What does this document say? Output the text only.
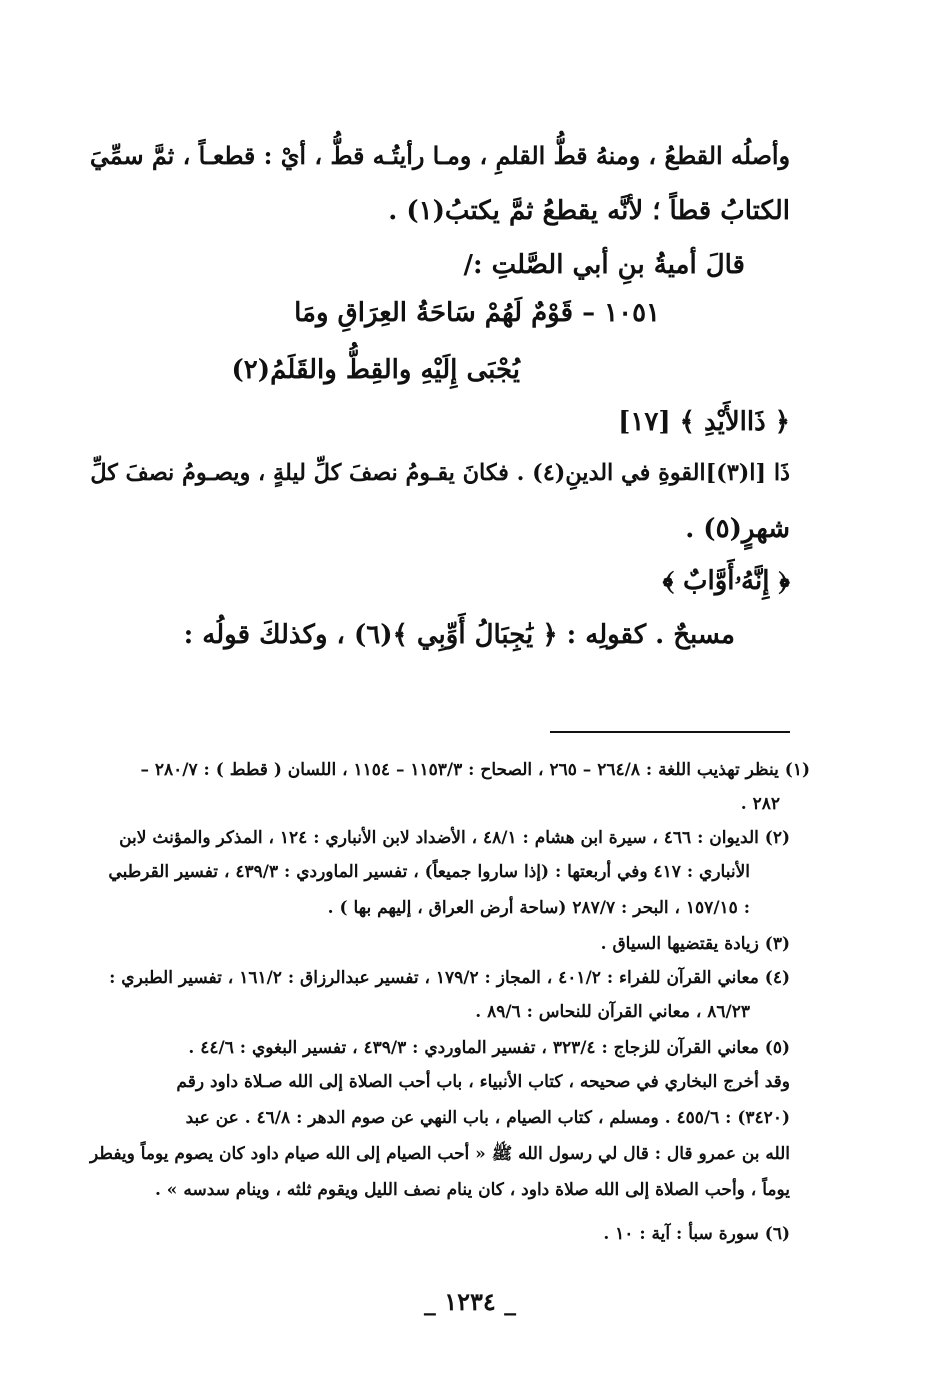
وأصلُه القطعُ ، ومنهُ قطُّ القلمِ ، ومـا رأيتُـه قطُّ ، أيْ : قطعـاً ، ثمَّ سمِّيَ
الكتابُ قطاً ؛ لأنَّه يقطعُ ثمَّ يكتبُ(١) .
قالَ أميةُ بنِ أبي الصَّلتِ :/
١٠٥١ – قَوْمٌ لَهُمْ سَاحَةُ العِرَاقِ ومَا
يُجْبَى إِلَيْهِ والقِطُّ والقَلَمُ(٢)
﴿ ذَاالأَيْدِ ﴾ [١٧]
ذَا [ا(٣)]القوةِ في الدينِ(٤) . فكانَ يقـومُ نصفَ كلِّ ليلةٍ ، ويصـومُ نصفَ كلِّ
شهرٍ(٥) .
﴿ إِنَّهُۥأَوَّابٌ ﴾
مسبحٌ . كقولِه : ﴿ يَٰجِبَالُ أَوِّبِي ﴾(٦) ، وكذلكَ قولُه :
(١) ينظر تهذيب اللغة : ٢٦٤/٨ – ٢٦٥ ، الصحاح : ١١٥٣/٣ – ١١٥٤ ، اللسان ( قطط ) : ٢٨٠/٧ –
٢٨٢ .
(٢) الديوان : ٤٦٦ ، سيرة ابن هشام : ٤٨/١ ، الأضداد لابن الأنباري : ١٢٤ ، المذكر والمؤنث لابن
الأنباري : ٤١٧ وفي أربعتها : (إذا ساروا جميعاً) ، تفسير الماوردي : ٤٣٩/٣ ، تفسير القرطبي
: ١٥٧/١٥ ، البحر : ٢٨٧/٧ (ساحة أرض العراق ، إليهم بها ) .
(٣) زيادة يقتضيها السياق .
(٤) معاني القرآن للفراء : ٤٠١/٢ ، المجاز : ١٧٩/٢ ، تفسير عبدالرزاق : ١٦١/٢ ، تفسير الطبري :
٨٦/٢٣ ، معاني القرآن للنحاس : ٨٩/٦ .
(٥) معاني القرآن للزجاج : ٣٢٣/٤ ، تفسير الماوردي : ٤٣٩/٣ ، تفسير البغوي : ٤٤/٦ .
وقد أخرج البخاري في صحيحه ، كتاب الأنبياء ، باب أحب الصلاة إلى الله صـلاة داود رقم
(٣٤٢٠) : ٤٥٥/٦ . ومسلم ، كتاب الصيام ، باب النهي عن صوم الدهر : ٤٦/٨ . عن عبد
الله بن عمرو قال : قال لي رسول الله ﷺ « أحب الصيام إلى الله صيام داود كان يصوم يوماً ويفطر
يوماً ، وأحب الصلاة إلى الله صلاة داود ، كان ينام نصف الليل ويقوم ثلثه ، وينام سدسه » .
(٦) سورة سبأ : آية : ١٠ .
_ ١٢٣٤ _
